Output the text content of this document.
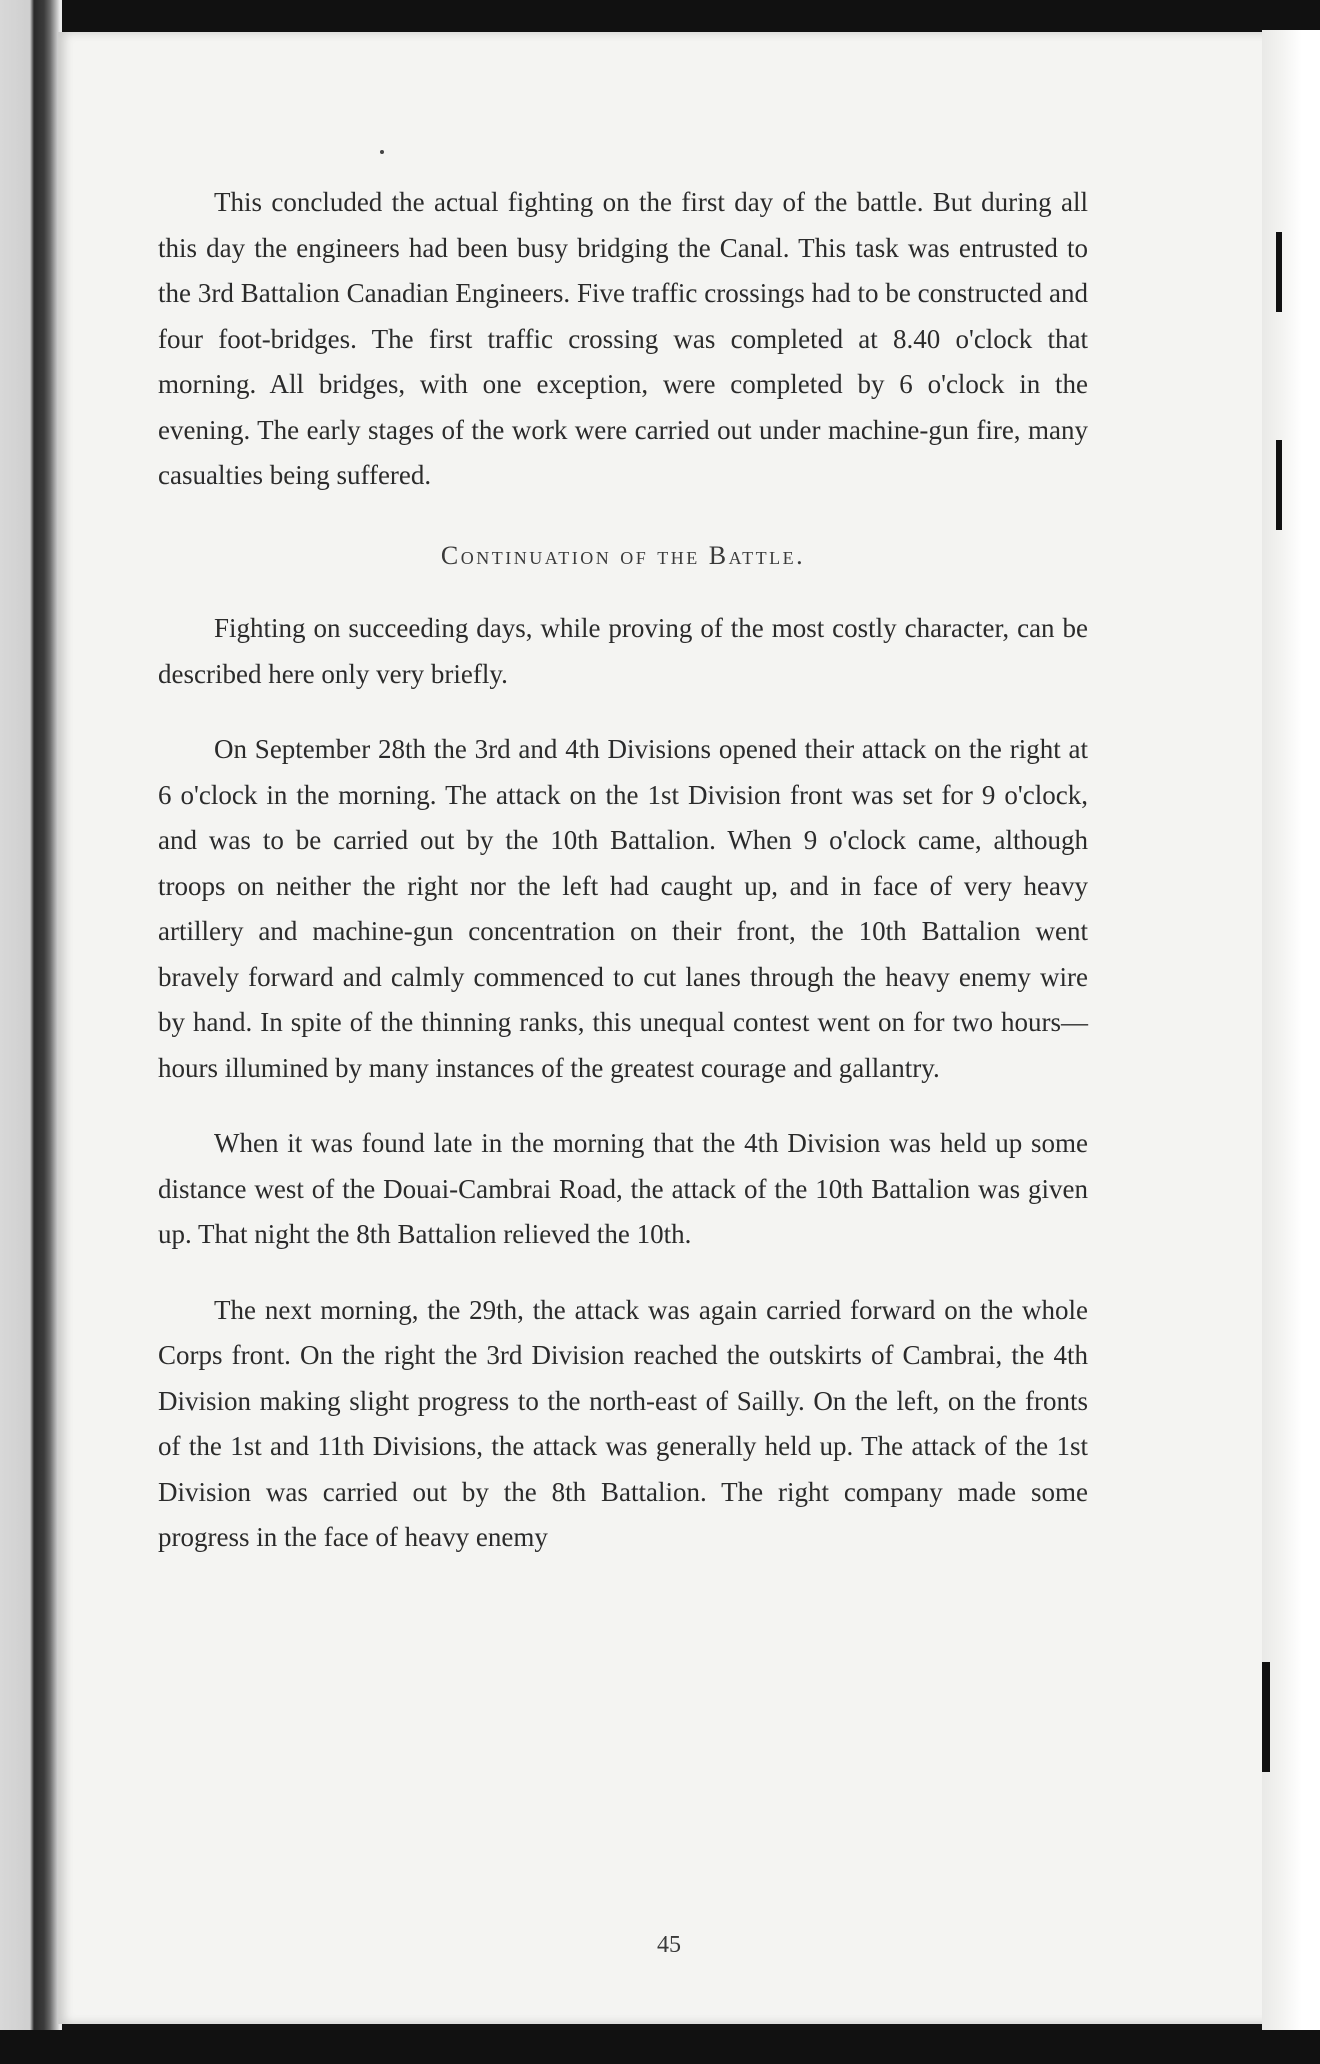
This concluded the actual fighting on the first day of the battle. But during all this day the engineers had been busy bridging the Canal. This task was entrusted to the 3rd Battalion Canadian Engineers. Five traffic crossings had to be constructed and four foot-bridges. The first traffic crossing was completed at 8.40 o'clock that morning. All bridges, with one exception, were completed by 6 o'clock in the evening. The early stages of the work were carried out under machine-gun fire, many casualties being suffered.

Continuation of the Battle.

Fighting on succeeding days, while proving of the most costly character, can be described here only very briefly.

On September 28th the 3rd and 4th Divisions opened their attack on the right at 6 o'clock in the morning. The attack on the 1st Division front was set for 9 o'clock, and was to be carried out by the 10th Battalion. When 9 o'clock came, although troops on neither the right nor the left had caught up, and in face of very heavy artillery and machine-gun concentration on their front, the 10th Battalion went bravely forward and calmly commenced to cut lanes through the heavy enemy wire by hand. In spite of the thinning ranks, this unequal contest went on for two hours—hours illumined by many instances of the greatest courage and gallantry.

When it was found late in the morning that the 4th Division was held up some distance west of the Douai-Cambrai Road, the attack of the 10th Battalion was given up. That night the 8th Battalion relieved the 10th.

The next morning, the 29th, the attack was again carried forward on the whole Corps front. On the right the 3rd Division reached the outskirts of Cambrai, the 4th Division making slight progress to the north-east of Sailly. On the left, on the fronts of the 1st and 11th Divisions, the attack was generally held up. The attack of the 1st Division was carried out by the 8th Battalion. The right company made some progress in the face of heavy enemy

45
